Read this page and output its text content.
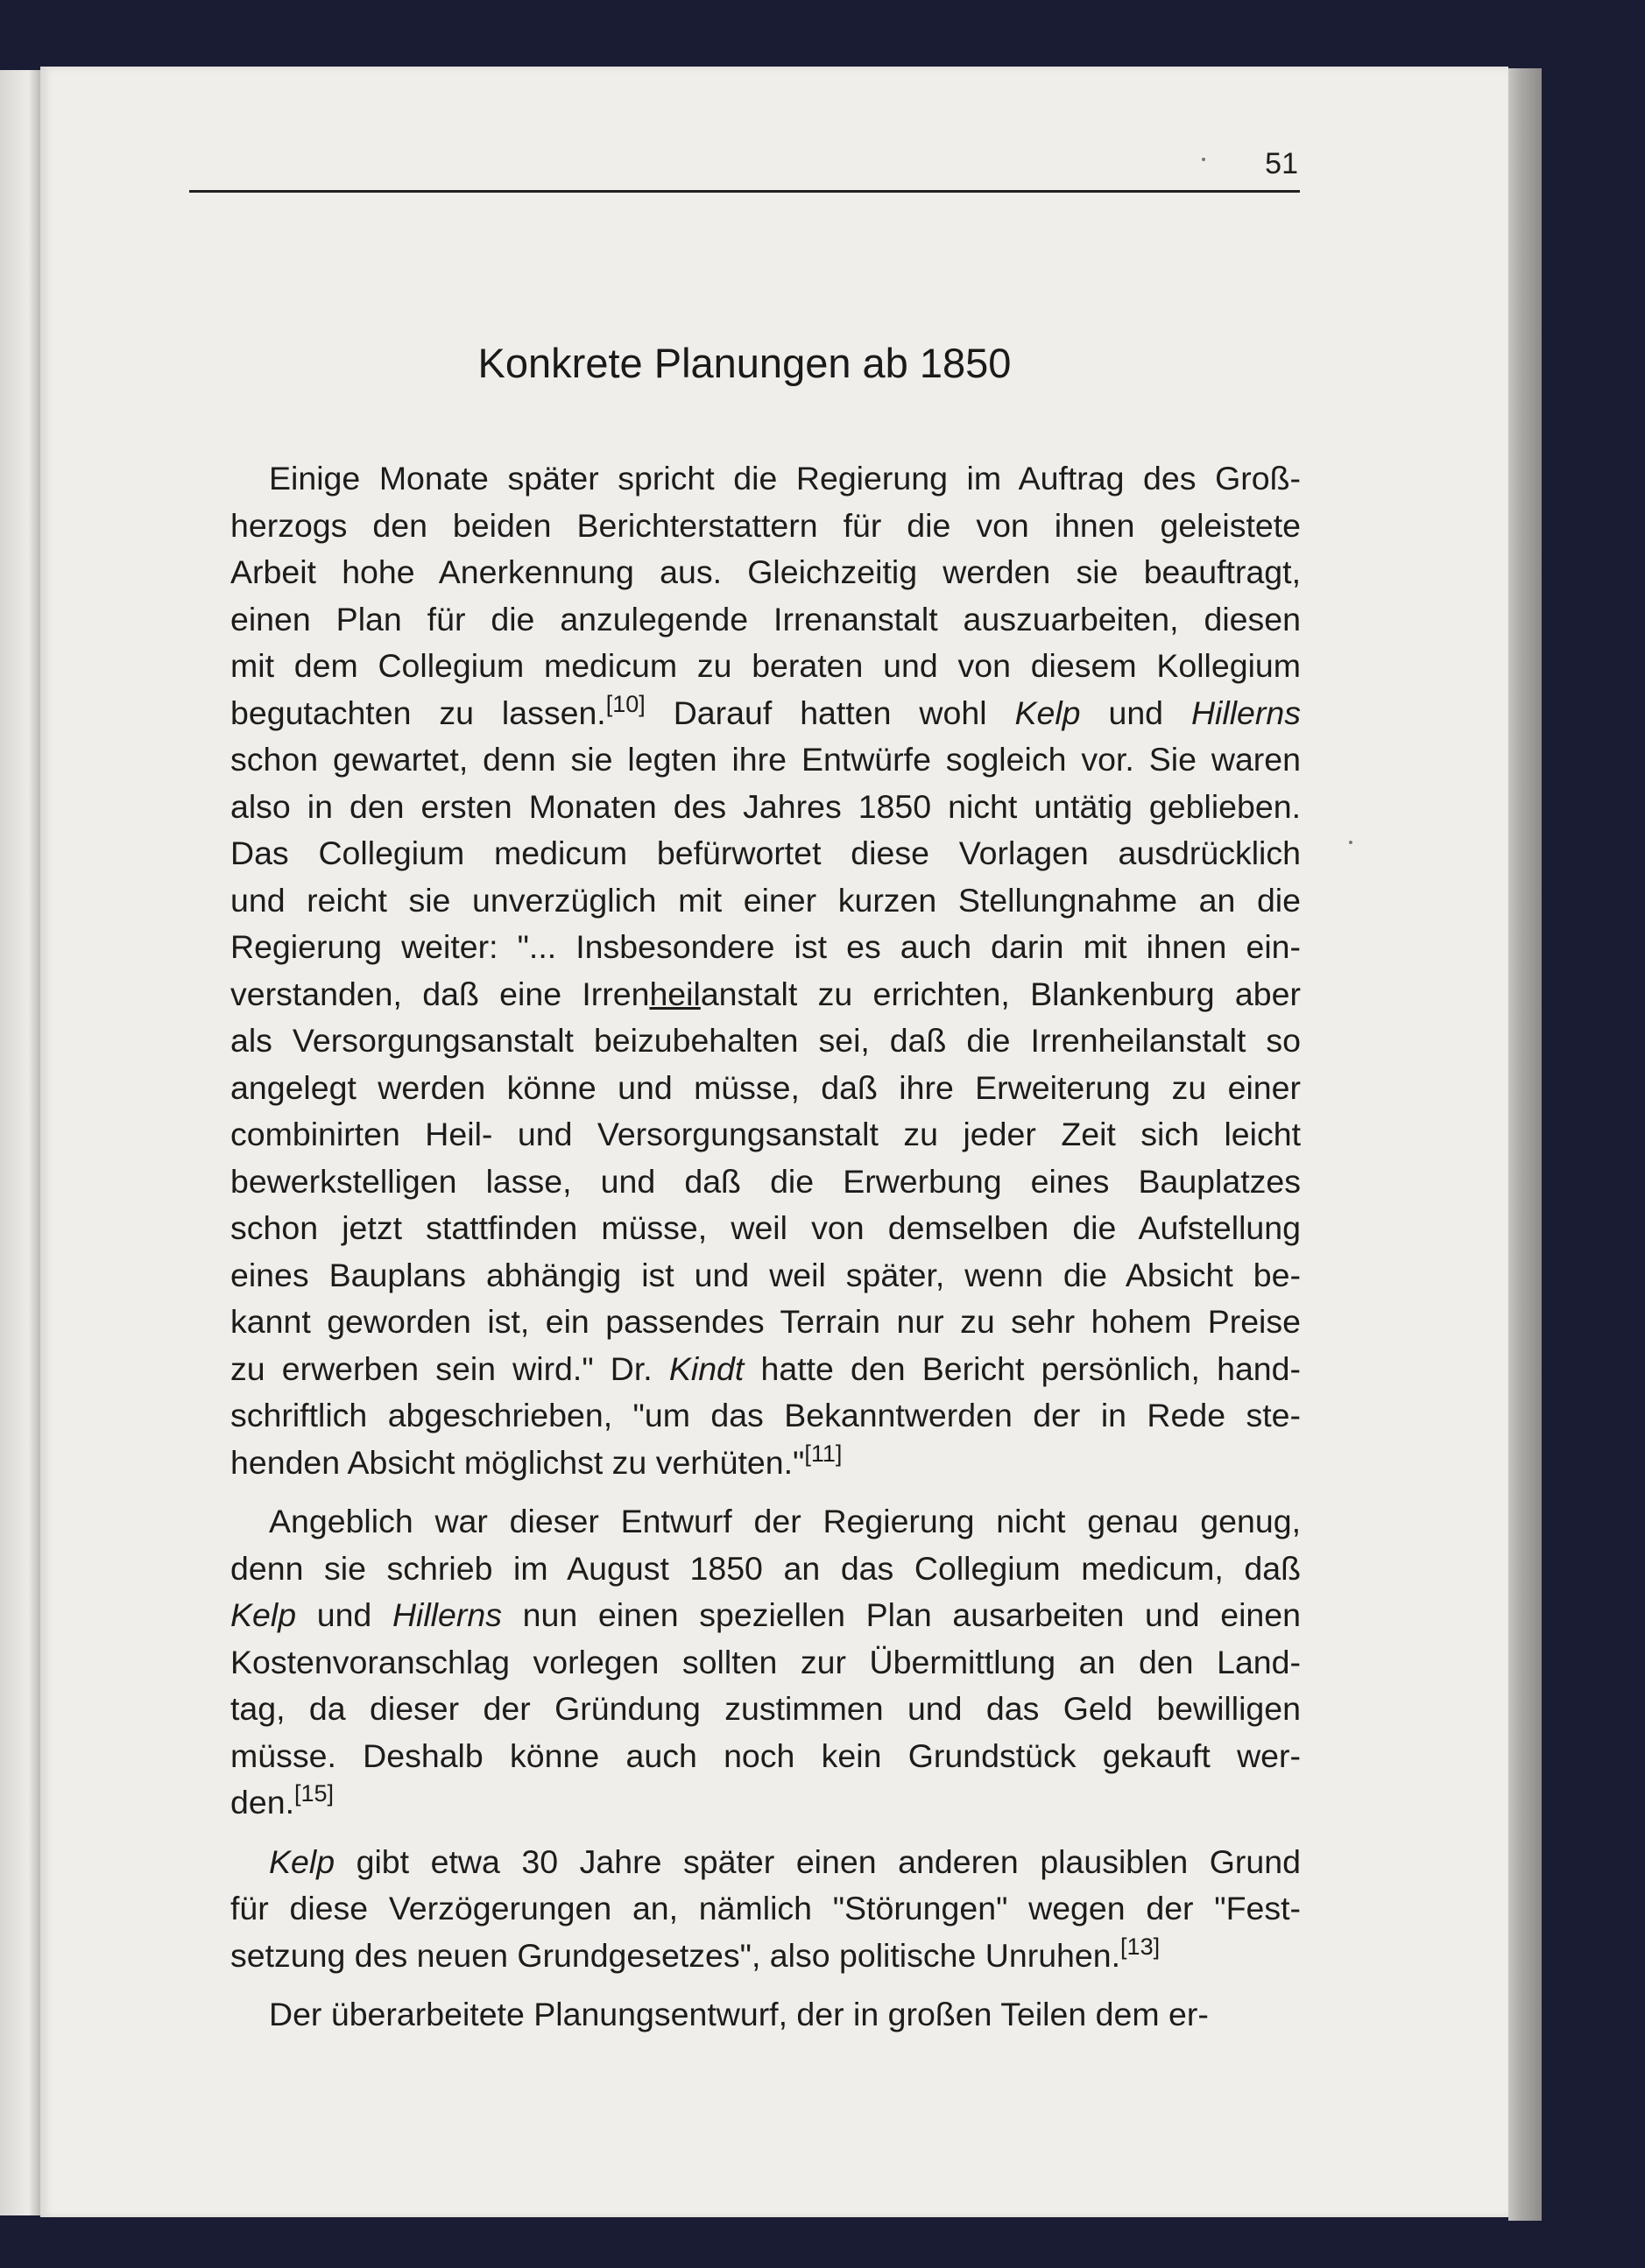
51
Konkrete Planungen ab 1850
Einige Monate später spricht die Regierung im Auftrag des Groß-
herzogs den beiden Berichterstattern für die von ihnen geleistete
Arbeit hohe Anerkennung aus. Gleichzeitig werden sie beauftragt,
einen Plan für die anzulegende Irrenanstalt auszuarbeiten, diesen
mit dem Collegium medicum zu beraten und von diesem Kollegium
begutachten zu lassen.[10] Darauf hatten wohl Kelp und Hillerns
schon gewartet, denn sie legten ihre Entwürfe sogleich vor. Sie waren
also in den ersten Monaten des Jahres 1850 nicht untätig geblieben.
Das Collegium medicum befürwortet diese Vorlagen ausdrücklich
und reicht sie unverzüglich mit einer kurzen Stellungnahme an die
Regierung weiter: "... Insbesondere ist es auch darin mit ihnen ein-
verstanden, daß eine Irrenheilanstalt zu errichten, Blankenburg aber
als Versorgungsanstalt beizubehalten sei, daß die Irrenheilanstalt so
angelegt werden könne und müsse, daß ihre Erweiterung zu einer
combinirten Heil- und Versorgungsanstalt zu jeder Zeit sich leicht
bewerkstelligen lasse, und daß die Erwerbung eines Bauplatzes
schon jetzt stattfinden müsse, weil von demselben die Aufstellung
eines Bauplans abhängig ist und weil später, wenn die Absicht be-
kannt geworden ist, ein passendes Terrain nur zu sehr hohem Preise
zu erwerben sein wird." Dr. Kindt hatte den Bericht persönlich, hand-
schriftlich abgeschrieben, "um das Bekanntwerden der in Rede ste-
henden Absicht möglichst zu verhüten."[11]
Angeblich war dieser Entwurf der Regierung nicht genau genug,
denn sie schrieb im August 1850 an das Collegium medicum, daß
Kelp und Hillerns nun einen speziellen Plan ausarbeiten und einen
Kostenvoranschlag vorlegen sollten zur Übermittlung an den Land-
tag, da dieser der Gründung zustimmen und das Geld bewilligen
müsse. Deshalb könne auch noch kein Grundstück gekauft wer-
den.[15]
Kelp gibt etwa 30 Jahre später einen anderen plausiblen Grund
für diese Verzögerungen an, nämlich "Störungen" wegen der "Fest-
setzung des neuen Grundgesetzes", also politische Unruhen.[13]
Der überarbeitete Planungsentwurf, der in großen Teilen dem er-
